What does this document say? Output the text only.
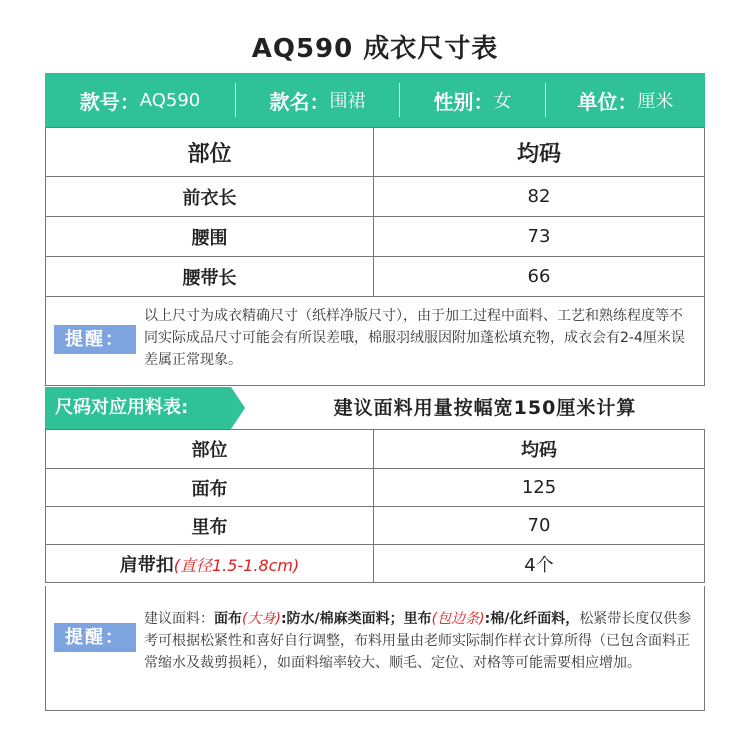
AQ590 成衣尺寸表
款号： AQ590	款名： 围裙	性别： 女	单位： 厘米
部位	均码
前衣长	82
腰围	73
腰带长	66
提醒：
以上尺寸为成衣精确尺寸（纸样净版尺寸），由于加工过程中面料、工艺和熟练程度等不同实际成品尺寸可能会有所误差哦，棉服羽绒服因附加蓬松填充物，成衣会有2-4厘米误差属正常现象。
尺码对应用料表:	建议面料用量按幅宽150厘米计算
部位	均码
面布	125
里布	70
肩带扣(直径1.5-1.8cm)	4个
提醒：
建议面料：面布(大身):防水/棉麻类面料；里布(包边条):棉/化纤面料，松紧带长度仅供参考可根据松紧性和喜好自行调整，布料用量由老师实际制作样衣计算所得（已包含面料正常缩水及裁剪损耗），如面料缩率较大、顺毛、定位、对格等可能需要相应增加。
